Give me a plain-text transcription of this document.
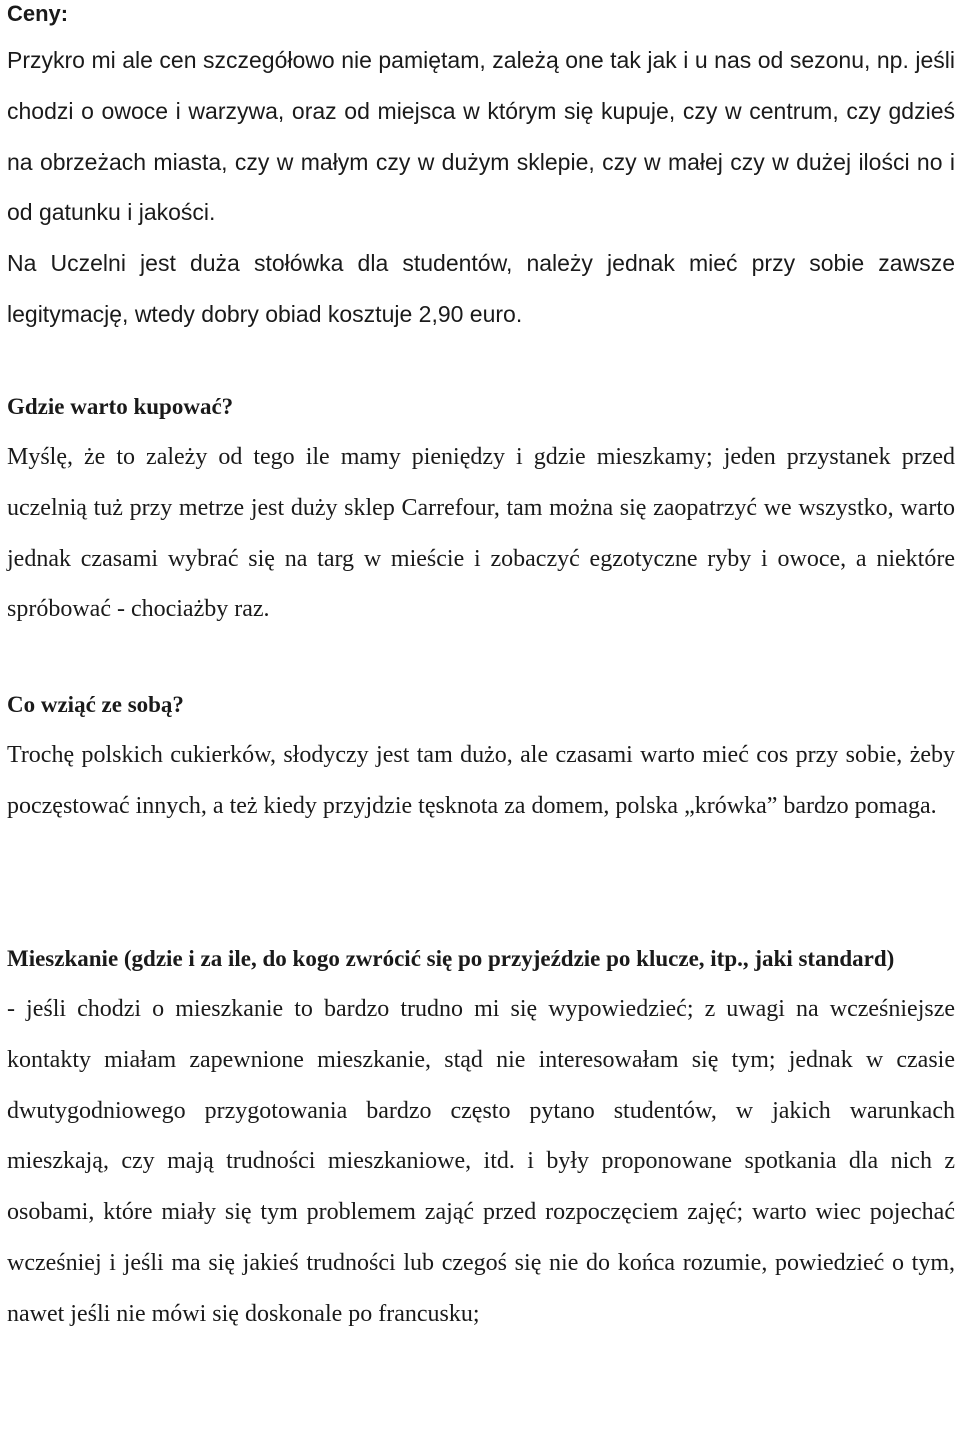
Ceny:

Przykro mi ale cen szczegółowo nie pamiętam, zależą one tak jak i u nas od sezonu, np. jeśli chodzi o owoce i warzywa, oraz od miejsca w którym się kupuje, czy w centrum, czy gdzieś na obrzeżach miasta, czy w małym czy w dużym sklepie, czy w małej czy w dużej ilości no i od gatunku i jakości.

Na Uczelni jest duża stołówka dla studentów, należy jednak mieć przy sobie zawsze legitymację, wtedy dobry obiad kosztuje 2,90 euro.

Gdzie warto kupować?

Myślę, że to zależy od tego ile mamy pieniędzy i gdzie mieszkamy; jeden przystanek przed uczelnią tuż przy metrze jest duży sklep Carrefour, tam można się zaopatrzyć we wszystko, warto jednak czasami wybrać się na targ w mieście i zobaczyć egzotyczne ryby i owoce, a niektóre spróbować - chociażby raz.

Co wziąć ze sobą?

Trochę polskich cukierków, słodyczy jest tam dużo, ale czasami warto mieć cos przy sobie, żeby poczęstować innych, a też kiedy przyjdzie tęsknota za domem, polska „krówka” bardzo pomaga.

Mieszkanie (gdzie i za ile, do kogo zwrócić się po przyjeździe po klucze, itp., jaki standard)

- jeśli chodzi o mieszkanie to bardzo trudno mi się wypowiedzieć; z uwagi na wcześniejsze kontakty miałam zapewnione mieszkanie, stąd nie interesowałam się tym; jednak w czasie dwutygodniowego przygotowania bardzo często pytano studentów, w jakich warunkach mieszkają, czy mają trudności mieszkaniowe, itd. i były proponowane spotkania dla nich z osobami, które miały się tym problemem zająć przed rozpoczęciem zajęć; warto wiec pojechać wcześniej i jeśli ma się jakieś trudności lub czegoś się nie do końca rozumie, powiedzieć o tym, nawet jeśli nie mówi się doskonale po francusku;
